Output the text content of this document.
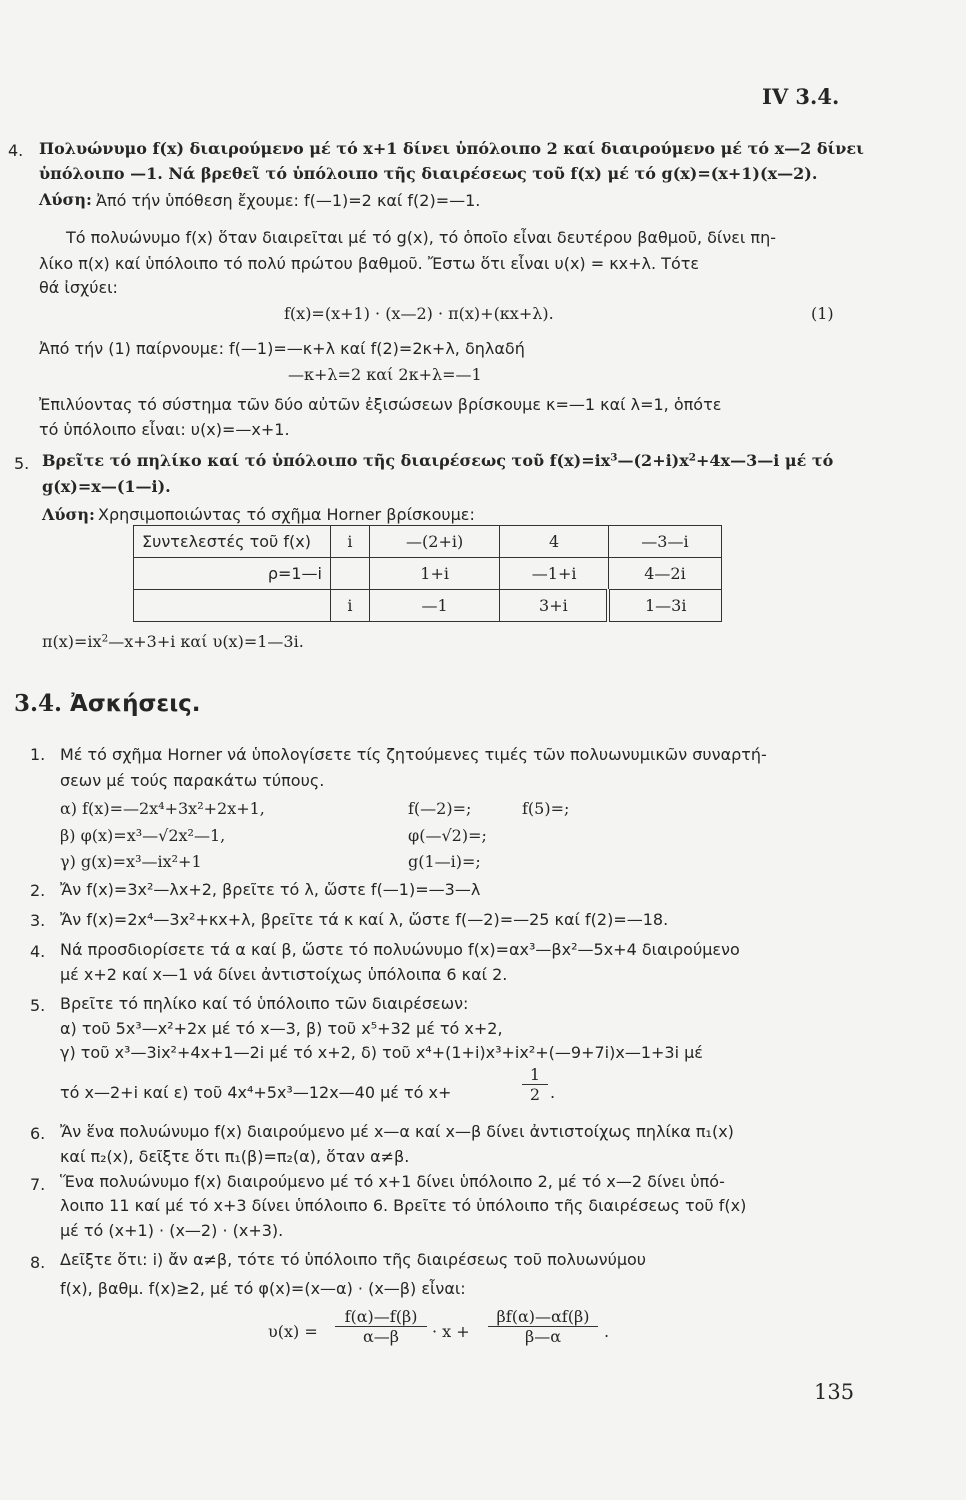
IV 3.4.
4. Πολυώνυμο f(x) διαιρούμενο μέ τό x+1 δίνει ὑπόλοιπο 2 καί διαιρούμενο μέ τό x—2 δίνει
ὑπόλοιπο —1. Νά βρεθεῖ τό ὑπόλοιπο τῆς διαιρέσεως τοῦ f(x) μέ τό g(x)=(x+1)(x—2).
Λύση: Ἀπό τήν ὑπόθεση ἔχουμε: f(—1)=2 καί f(2)=—1.
Τό πολυώνυμο f(x) ὅταν διαιρεῖται μέ τό g(x), τό ὁποῖο εἶναι δευτέρου βαθμοῦ, δίνει πη-
λίκο π(x) καί ὑπόλοιπο τό πολύ πρώτου βαθμοῦ. Ἔστω ὅτι εἶναι υ(x) = κx+λ. Τότε
θά ἰσχύει:
f(x)=(x+1) · (x—2) · π(x)+(κx+λ).	(1)
Ἀπό τήν (1) παίρνουμε: f(—1)=—κ+λ καί f(2)=2κ+λ, δηλαδή
—κ+λ=2 καί 2κ+λ=—1
Ἐπιλύοντας τό σύστημα τῶν δύο αὐτῶν ἐξισώσεων βρίσκουμε κ=—1 καί λ=1, ὁπότε
τό ὑπόλοιπο εἶναι: υ(x)=—x+1.
5. Βρεῖτε τό πηλίκο καί τό ὑπόλοιπο τῆς διαιρέσεως τοῦ $f(x)=ix^3—(2+i)x^2+4x—3—i$ μέ τό
g(x)=x—(1—i).
Λύση: Χρησιμοποιώντας τό σχῆμα Horner βρίσκουμε:
Συντελεστές τοῦ f(x)	i	—(2+i)	4	—3—i
ρ=1—i		1+i	—1+i	4—2i
	i	—1	3+i	1—3i
$\pi(x)=ix^2—x+3+i$ καί υ(x)=1—3i.
3.4. Ἀσκήσεις.
1. Μέ τό σχῆμα Horner νά ὑπολογίσετε τίς ζητούμενες τιμές τῶν πολυωνυμικῶν συναρτή-
σεων μέ τούς παρακάτω τύπους.
α) f(x)=—2x⁴+3x²+2x+1,	f(—2)=;	f(5)=;
β) φ(x)=x³—√2x²—1,	φ(—√2)=;
γ) g(x)=x³—ix²+1	g(1—i)=;
2. Ἄν f(x)=3x²—λx+2, βρεῖτε τό λ, ὥστε f(—1)=—3—λ
3. Ἄν f(x)=2x⁴—3x²+κx+λ, βρεῖτε τά κ καί λ, ὥστε f(—2)=—25 καί f(2)=—18.
4. Νά προσδιορίσετε τά α καί β, ὥστε τό πολυώνυμο f(x)=αx³—βx²—5x+4 διαιρούμενο
μέ x+2 καί x—1 νά δίνει ἀντιστοίχως ὑπόλοιπα 6 καί 2.
5. Βρεῖτε τό πηλίκο καί τό ὑπόλοιπο τῶν διαιρέσεων:
α) τοῦ 5x³—x²+2x μέ τό x—3, β) τοῦ x⁵+32 μέ τό x+2,
γ) τοῦ x³—3ix²+4x+1—2i μέ τό x+2, δ) τοῦ x⁴+(1+i)x³+ix²+(—9+7i)x—1+3i μέ
τό x—2+i καί ε) τοῦ 4x⁴+5x³—12x—40 μέ τό x+	$\frac{1}{2}$ .
6. Ἄν ἕνα πολυώνυμο f(x) διαιρούμενο μέ x—α καί x—β δίνει ἀντιστοίχως πηλίκα π₁(x)
καί π₂(x), δεῖξτε ὅτι π₁(β)=π₂(α), ὅταν α≠β.
7. Ἕνα πολυώνυμο f(x) διαιρούμενο μέ τό x+1 δίνει ὑπόλοιπο 2, μέ τό x—2 δίνει ὑπό-
λοιπο 11 καί μέ τό x+3 δίνει ὑπόλοιπο 6. Βρεῖτε τό ὑπόλοιπο τῆς διαιρέσεως τοῦ f(x)
μέ τό (x+1) · (x—2) · (x+3).
8. Δεῖξτε ὅτι: i) ἄν α≠β, τότε τό ὑπόλοιπο τῆς διαιρέσεως τοῦ πολυωνύμου
f(x), βαθμ. f(x)≥2, μέ τό φ(x)=(x—α) · (x—β) εἶναι:
$\upsilon(x) = \frac{f(\alpha)—f(\beta)}{\alpha—\beta} \cdot x + \frac{\beta f(\alpha)—\alpha f(\beta)}{\beta—\alpha}$ .
135
